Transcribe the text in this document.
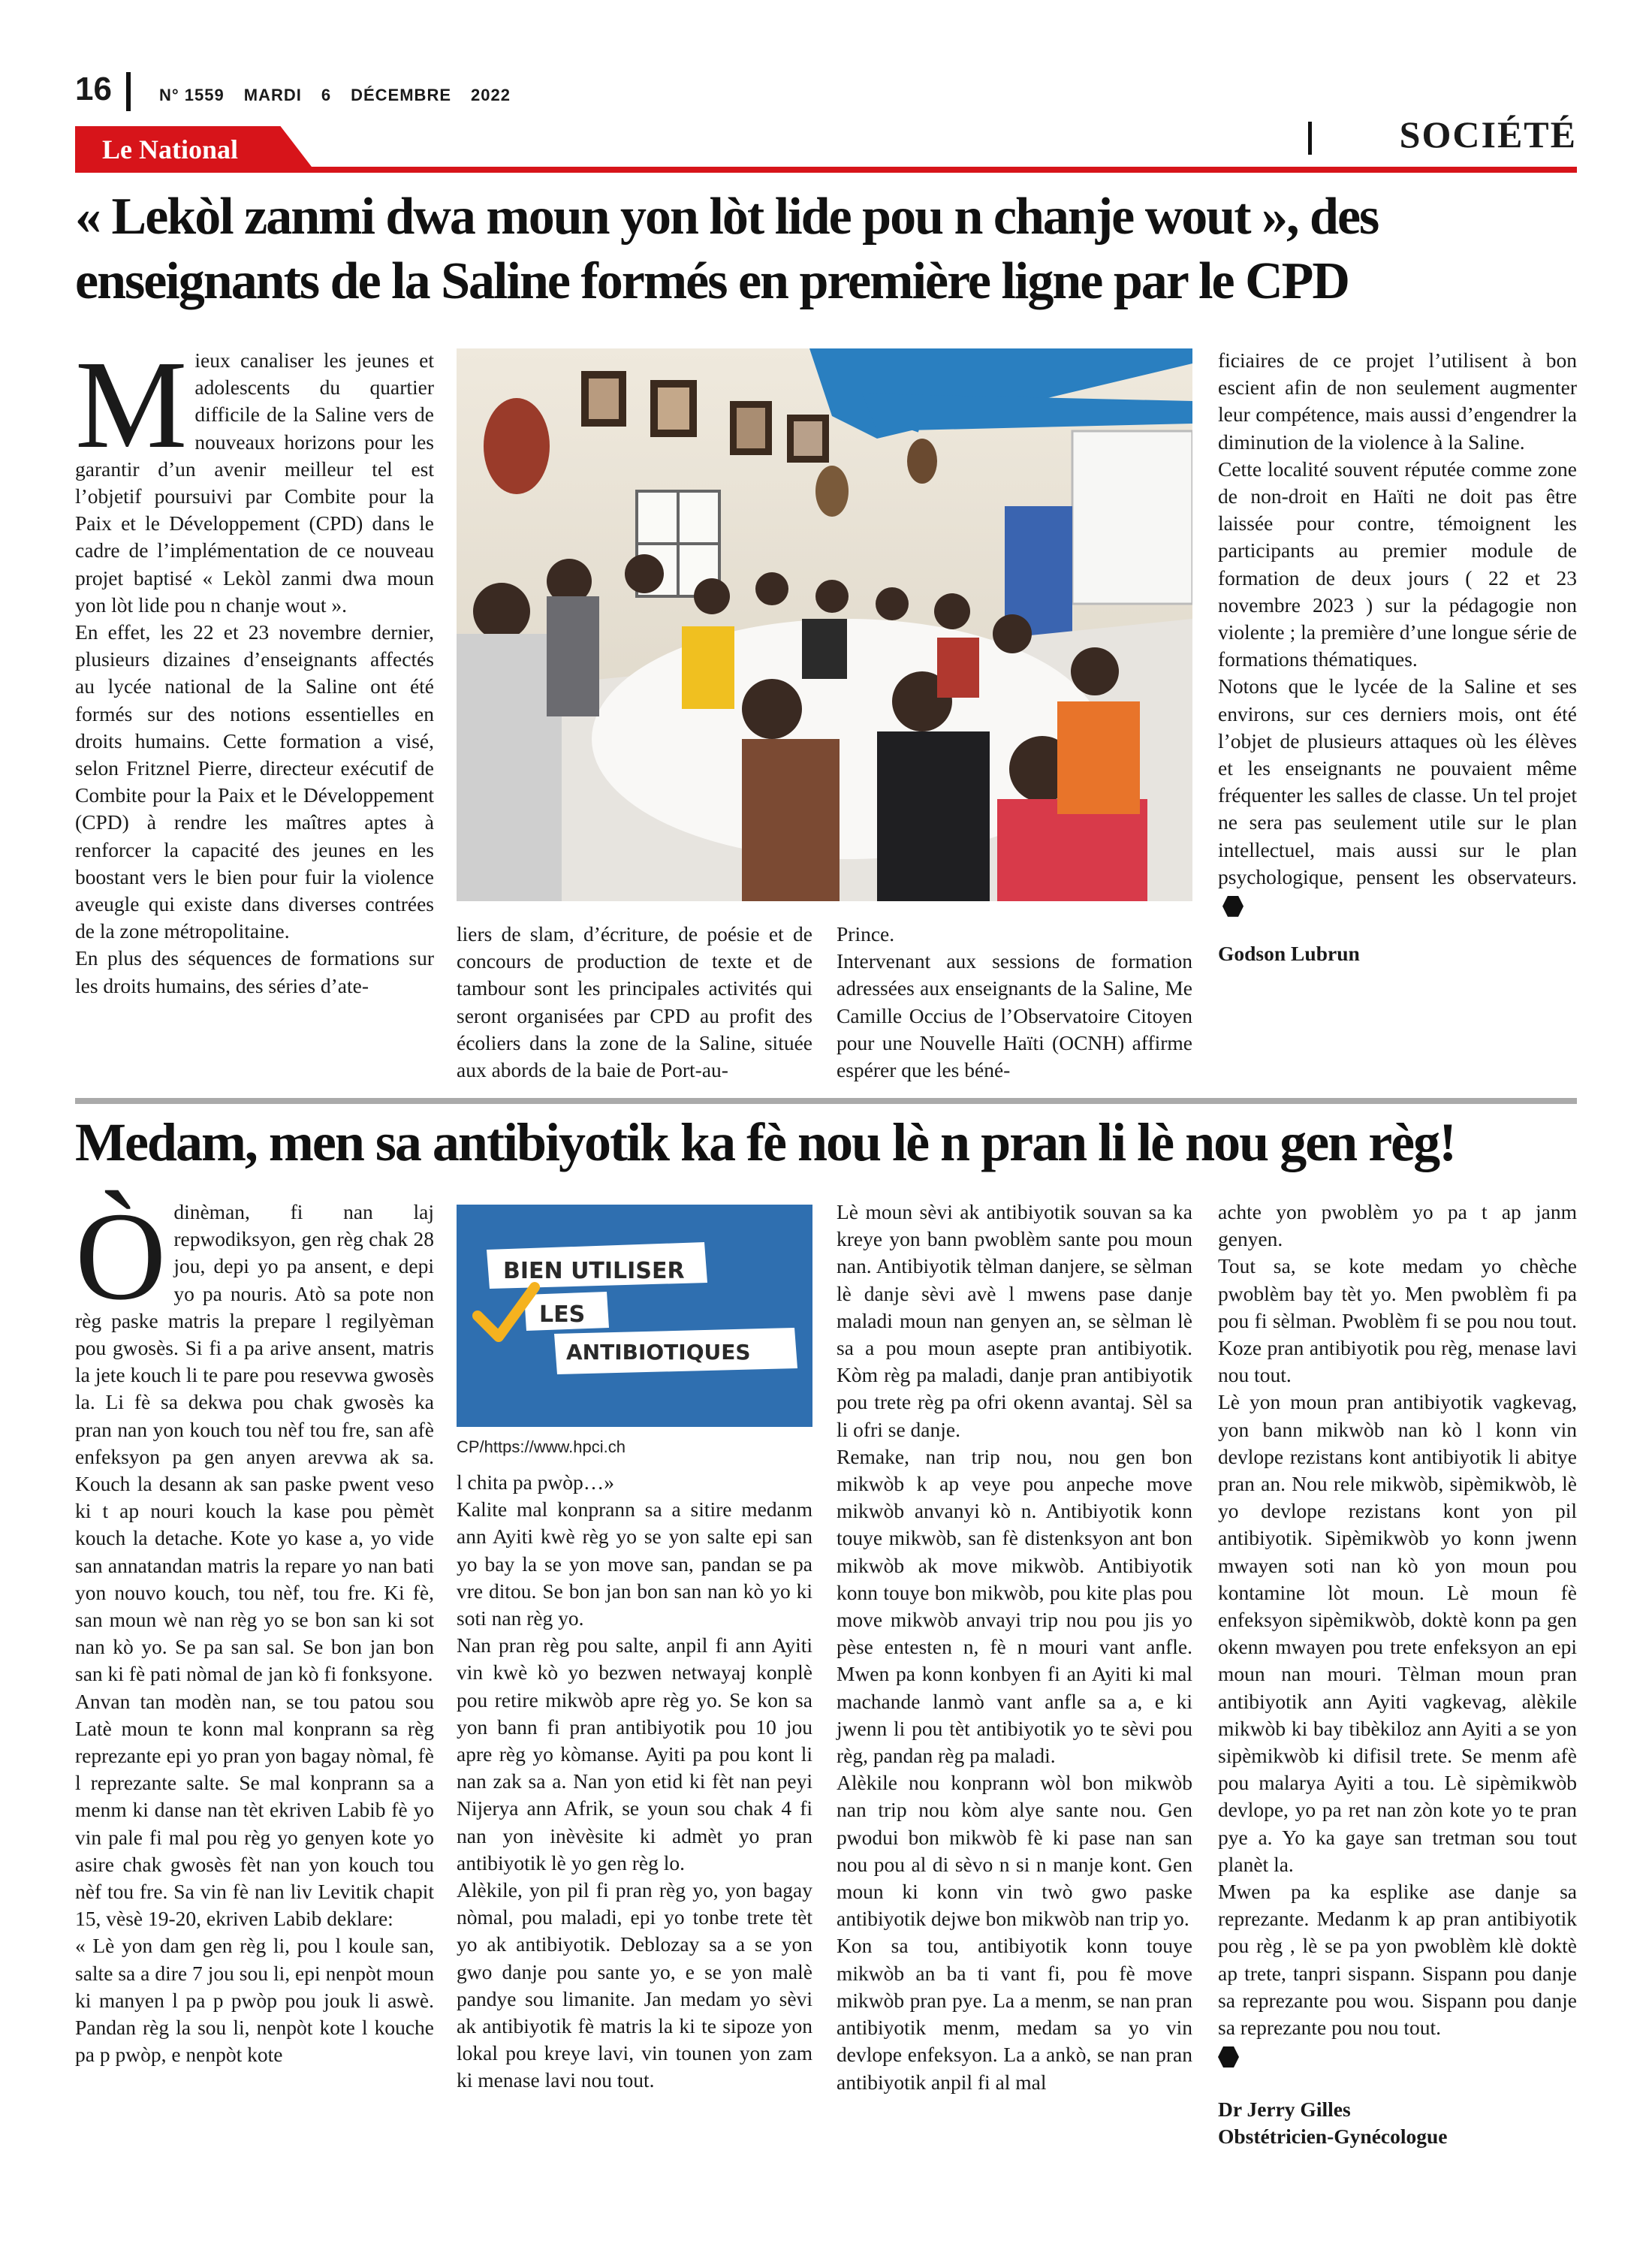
16	N° 1559 MARDI 6 DÉCEMBRE 2022
Le National	SOCIÉTÉ
« Lekòl zanmi dwa moun yon lòt lide pou n chanje wout », des enseignants de la Saline formés en première ligne par le CPD
M ieux canaliser les jeunes et adolescents du quartier difficile de la Saline vers de nouveaux horizons pour les garantir d’un avenir meilleur tel est l’objetif poursuivi par Combite pour la Paix et le Développement (CPD) dans le cadre de l’implémentation de ce nouveau projet baptisé « Lekòl zanmi dwa moun yon lòt lide pou n chanje wout ».

En effet, les 22 et 23 novembre dernier, plusieurs dizaines d’enseignants affectés au lycée national de la Saline ont été formés sur des notions essentielles en droits humains. Cette formation a visé, selon Fritznel Pierre, directeur exécutif de Combite pour la Paix et le Développement (CPD) à rendre les maîtres aptes à renforcer la capacité des jeunes en les boostant vers le bien pour fuir la violence aveugle qui existe dans diverses contrées de la zone métropolitaine.

En plus des séquences de formations sur les droits humains, des séries d’ate-

liers de slam, d’écriture, de poésie et de concours de production de texte et de tambour sont les principales activités qui seront organisées par CPD au profit des écoliers dans la zone de la Saline, située aux abords de la baie de Port-au-

Prince.

Intervenant aux sessions de formation adressées aux enseignants de la Saline, Me Camille Occius de l’Observatoire Citoyen pour une Nouvelle Haïti (OCNH) affirme espérer que les béné-

ficiaires de ce projet l’utilisent à bon escient afin de non seulement augmenter leur compétence, mais aussi d’engendrer la diminution de la violence à la Saline.

Cette localité souvent réputée comme zone de non-droit en Haïti ne doit pas être laissée pour contre, témoignent les participants au premier module de formation de deux jours ( 22 et 23 novembre 2023 ) sur la pédagogie non violente ; la première d’une longue série de formations thématiques.

Notons que le lycée de la Saline et ses environs, sur ces derniers mois, ont été l’objet de plusieurs attaques où les élèves et les enseignants ne pouvaient même fréquenter les salles de classe. Un tel projet ne sera pas seulement utile sur le plan intellectuel, mais aussi sur le plan psychologique, pensent les observateurs.

Godson Lubrun

Medam, men sa antibiyotik ka fè nou lè n pran li lè nou gen règ!
Ò dinèman, fi nan laj repwodiksyon, gen règ chak 28 jou, depi yo pa ansent, e depi yo pa nouris. Atò sa pote non règ paske matris la prepare l regilyèman pou gwosès. Si fi a pa arive ansent, matris la jete kouch li te pare pou resevwa gwosès la. Li fè sa dekwa pou chak gwosès ka pran nan yon kouch tou nèf tou fre, san afè enfeksyon pa gen anyen arevwa ak sa. Kouch la desann ak san paske pwent veso ki t ap nouri kouch la kase pou pèmèt kouch la detache. Kote yo kase a, yo vide san annatandan matris la repare yo nan bati yon nouvo kouch, tou nèf, tou fre. Ki fè, san moun wè nan règ yo se bon san ki sot nan kò yo. Se pa san sal. Se bon jan bon san ki fè pati nòmal de jan kò fi fonksyone.

Anvan tan modèn nan, se tou patou sou Latè moun te konn mal konprann sa règ reprezante epi yo pran yon bagay nòmal, fè l reprezante salte. Se mal konprann sa a menm ki danse nan tèt ekriven Labib fè yo vin pale fi mal pou règ yo genyen kote yo asire chak gwosès fèt nan yon kouch tou nèf tou fre. Sa vin fè nan liv Levitik chapit 15, vèsè 19-20, ekriven Labib deklare:

« Lè yon dam gen règ li, pou l koule san, salte sa a dire 7 jou sou li, epi nenpòt moun ki manyen l pa p pwòp pou jouk li aswè. Pandan règ la sou li, nenpòt kote l kouche pa p pwòp, e nenpòt kote

BIEN UTILISER
LES
ANTIBIOTIQUES
CP/https://www.hpci.ch

l chita pa pwòp…»

Kalite mal konprann sa a sitire medanm ann Ayiti kwè règ yo se yon salte epi san yo bay la se yon move san, pandan se pa vre ditou. Se bon jan bon san nan kò yo ki soti nan règ yo.

Nan pran règ pou salte, anpil fi ann Ayiti vin kwè kò yo bezwen netwayaj konplè pou retire mikwòb apre règ yo. Se kon sa yon bann fi pran antibiyotik pou 10 jou apre règ yo kòmanse. Ayiti pa pou kont li nan zak sa a. Nan yon etid ki fèt nan peyi Nijerya ann Afrik, se youn sou chak 4 fi nan yon inèvèsite ki admèt yo pran antibiyotik lè yo gen règ lo.

Alèkile, yon pil fi pran règ yo, yon bagay nòmal, pou maladi, epi yo tonbe trete tèt yo ak antibiyotik. Deblozay sa a se yon gwo danje pou sante yo, e se yon malè pandye sou limanite. Jan medam yo sèvi ak antibiyotik fè matris la ki te sipoze yon lokal pou kreye lavi, vin tounen yon zam ki menase lavi nou tout.

Lè moun sèvi ak antibiyotik souvan sa ka kreye yon bann pwoblèm sante pou moun nan. Antibiyotik tèlman danjere, se sèlman lè danje sèvi avè l mwens pase danje maladi moun nan genyen an, se sèlman lè sa a pou moun asepte pran antibiyotik. Kòm règ pa maladi, danje pran antibiyotik pou trete règ pa ofri okenn avantaj. Sèl sa li ofri se danje.

Remake, nan trip nou, nou gen bon mikwòb k ap veye pou anpeche move mikwòb anvanyi kò n. Antibiyotik konn touye mikwòb, san fè distenksyon ant bon mikwòb ak move mikwòb. Antibiyotik konn touye bon mikwòb, pou kite plas pou move mikwòb anvayi trip nou pou jis yo pèse entesten n, fè n mouri vant anfle. Mwen pa konn konbyen fi an Ayiti ki mal machande lanmò vant anfle sa a, e ki jwenn li pou tèt antibiyotik yo te sèvi pou règ, pandan règ pa maladi.

Alèkile nou konprann wòl bon mikwòb nan trip nou kòm alye sante nou. Gen pwodui bon mikwòb fè ki pase nan san nou pou al di sèvo n si n manje kont. Gen moun ki konn vin twò gwo paske antibiyotik dejwe bon mikwòb nan trip yo.

Kon sa tou, antibiyotik konn touye mikwòb an ba ti vant fi, pou fè move mikwòb pran pye. La a menm, se nan pran antibiyotik menm, medam sa yo vin devlope enfeksyon. La a ankò, se nan pran antibiyotik anpil fi al mal

achte yon pwoblèm yo pa t ap janm genyen.

Tout sa, se kote medam yo chèche pwoblèm bay tèt yo. Men pwoblèm fi pa pou fi sèlman. Pwoblèm fi se pou nou tout. Koze pran antibiyotik pou règ, menase lavi nou tout.

Lè yon moun pran antibiyotik vagkevag, yon bann mikwòb nan kò l konn vin devlope rezistans kont antibiyotik li abitye pran an. Nou rele mikwòb, sipèmikwòb, lè yo devlope rezistans kont yon pil antibiyotik. Sipèmikwòb yo konn jwenn mwayen soti nan kò yon moun pou kontamine lòt moun. Lè moun fè enfeksyon sipèmikwòb, doktè konn pa gen okenn mwayen pou trete enfeksyon an epi moun nan mouri. Tèlman moun pran antibiyotik ann Ayiti vagkevag, alèkile mikwòb ki bay tibèkiloz ann Ayiti a se yon sipèmikwòb ki difisil trete. Se menm afè pou malarya Ayiti a tou. Lè sipèmikwòb devlope, yo pa ret nan zòn kote yo te pran pye a. Yo ka gaye san tretman sou tout planèt la.

Mwen pa ka esplike ase danje sa reprezante. Medanm k ap pran antibiyotik pou règ , lè se pa yon pwoblèm klè doktè ap trete, tanpri sispann. Sispann pou danje sa reprezante pou wou. Sispann pou danje sa reprezante pou nou tout.

Dr Jerry Gilles

Obstétricien-Gynécologue
